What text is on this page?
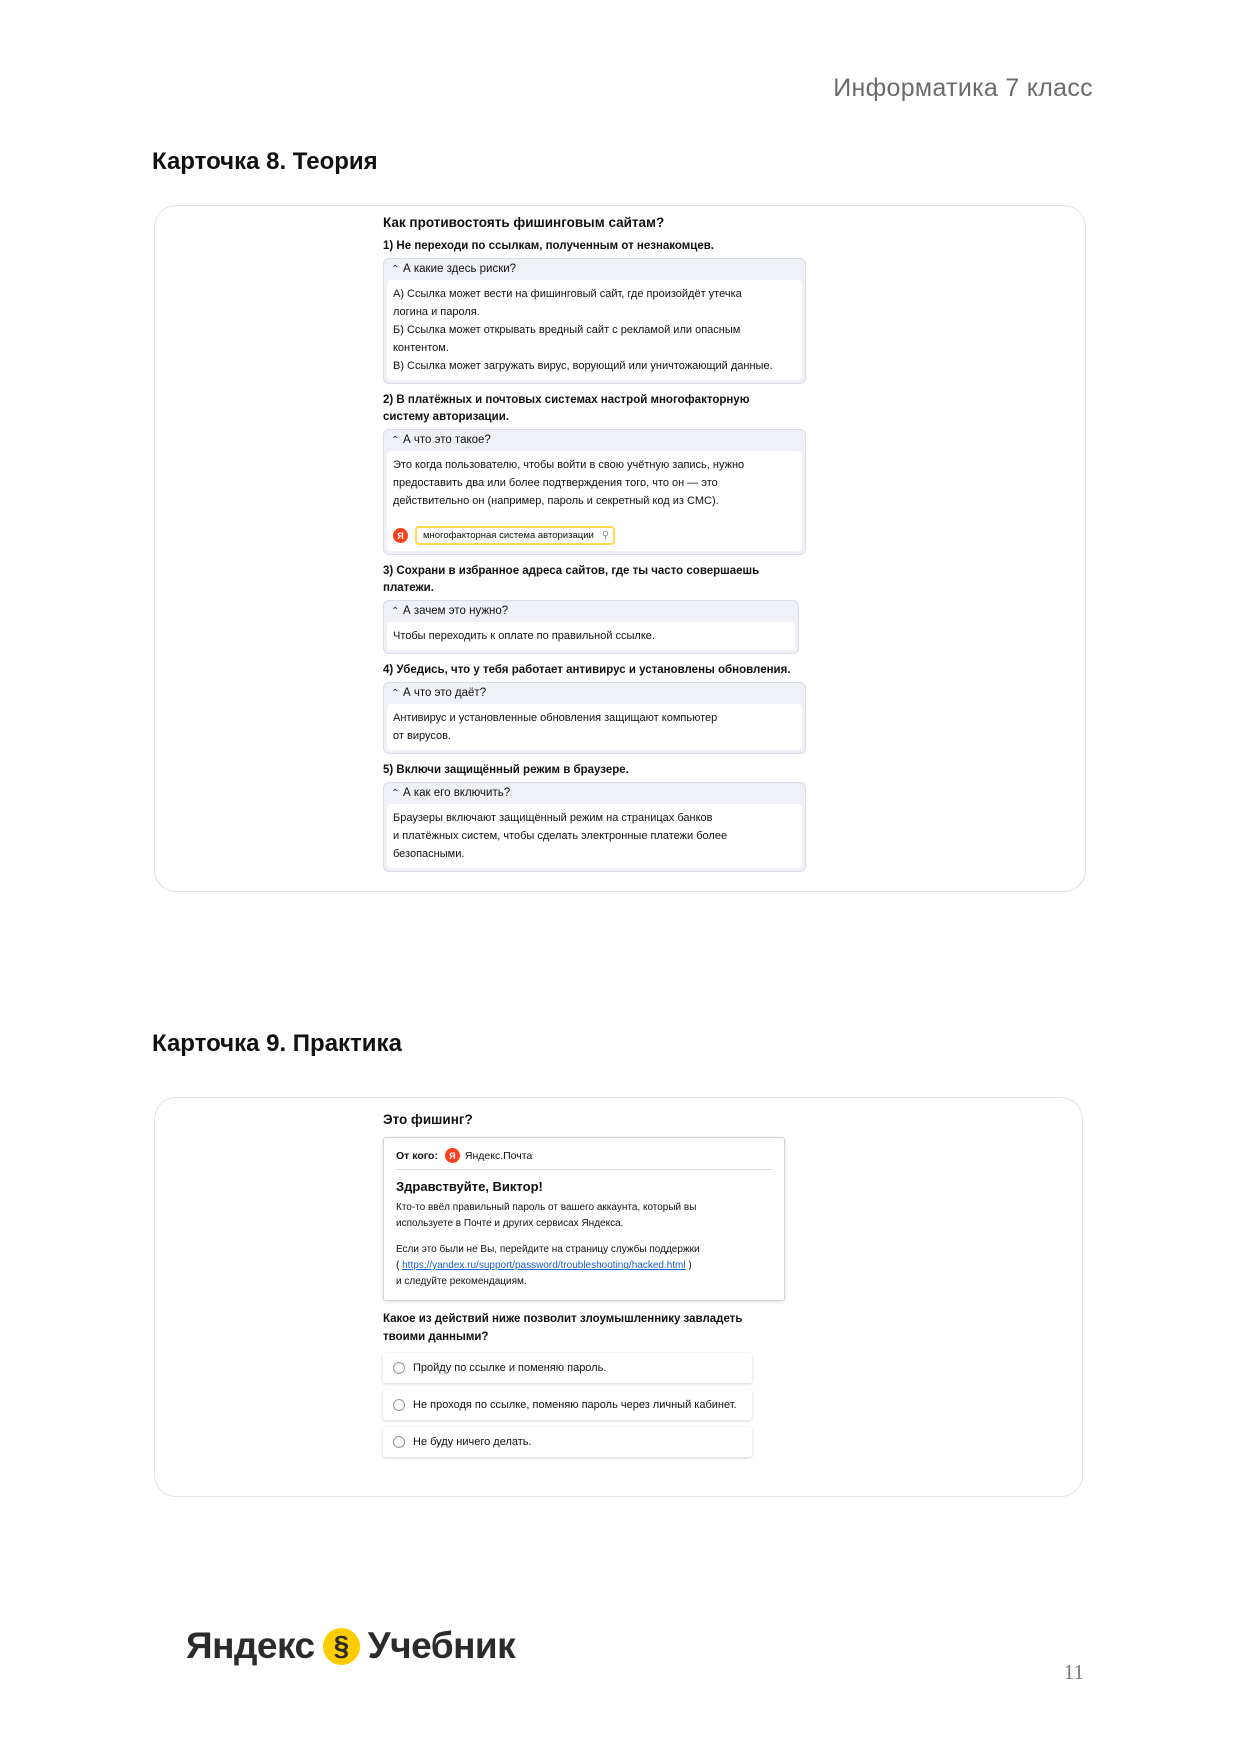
Информатика 7 класс
Карточка 8. Теория

Как противостоять фишинговым сайтам?

1) Не переходи по ссылкам, полученным от незнакомцев.

⌃ А какие здесь риски?
А) Ссылка может вести на фишинговый сайт, где произойдёт утечка
логина и пароля.
Б) Ссылка может открывать вредный сайт с рекламой или опасным
контентом.
В) Ссылка может загружать вирус, ворующий или уничтожающий данные.

2) В платёжных и почтовых системах настрой многофакторную систему авторизации.

⌃ А что это такое?
Это когда пользователю, чтобы войти в свою учётную запись, нужно
предоставить два или более подтверждения того, что он — это
действительно он (например, пароль и секретный код из СМС).
Я	многофакторная система авторизации ⚲

3) Сохрани в избранное адреса сайтов, где ты часто совершаешь платежи.

⌃ А зачем это нужно?
Чтобы переходить к оплате по правильной ссылке.

4) Убедись, что у тебя работает антивирус и установлены обновления.

⌃ А что это даёт?
Антивирус и установленные обновления защищают компьютер
от вирусов.

5) Включи защищённый режим в браузере.

⌃ А как его включить?
Браузеры включают защищённый режим на страницах банков
и платёжных систем, чтобы сделать электронные платежи более
безопасными.
Карточка 9. Практика

Это фишинг?

От кого:	Я Яндекс.Почта
Здравствуйте, Виктор!

Кто-то ввёл правильный пароль от вашего аккаунта, который вы
используете в Почте и других сервисах Яндекса.

Если это были не Вы, перейдите на страницу службы поддержки
( https://yandex.ru/support/password/troubleshooting/hacked.html )
и следуйте рекомендациям.

Какое из действий ниже позволит злоумышленнику завладеть твоими данными?
Пройду по ссылке и поменяю пароль.
Не проходя по ссылке, поменяю пароль через личный кабинет.
Не буду ничего делать.
Яндекс § Учебник
11
